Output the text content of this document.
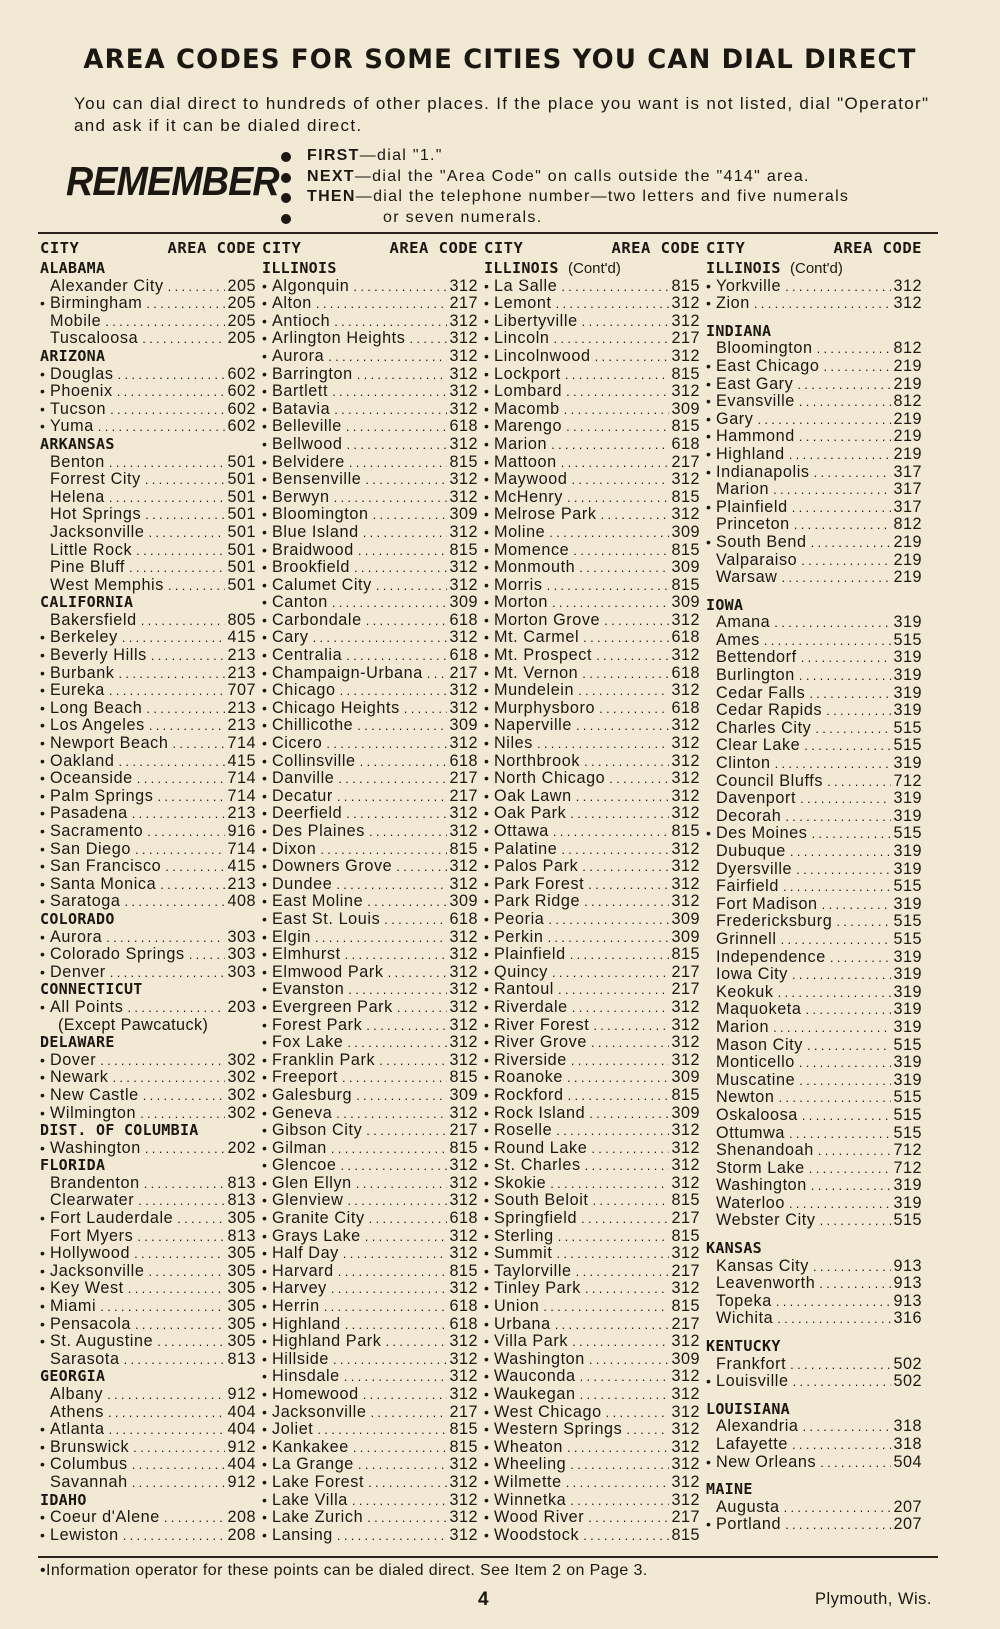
AREA CODES FOR SOME CITIES YOU CAN DIAL DIRECT

You can dial direct to hundreds of other places. If the place you want is not listed, dial "Operator" and ask if it can be dialed direct.

REMEMBER
FIRST—dial "1."
NEXT—dial the "Area Code" on calls outside the "414" area.
THEN—dial the telephone number—two letters and five numerals
or seven numerals.
CITY	AREA CODE
ALABAMA
Alexander City .....	205
• Birmingham .....	205
Mobile .....	205
Tuscaloosa .....	205
ARIZONA
• Douglas .....	602
• Phoenix .....	602
• Tucson .....	602
• Yuma .....	602
ARKANSAS
Benton .....	501
Forrest City .....	501
Helena .....	501
Hot Springs .....	501
Jacksonville .....	501
Little Rock .....	501
Pine Bluff .....	501
West Memphis .....	501
CALIFORNIA
Bakersfield .....	805
• Berkeley .....	415
• Beverly Hills .....	213
• Burbank .....	213
• Eureka .....	707
• Long Beach .....	213
• Los Angeles .....	213
• Newport Beach .....	714
• Oakland .....	415
• Oceanside .....	714
• Palm Springs .....	714
• Pasadena .....	213
• Sacramento .....	916
• San Diego .....	714
• San Francisco .....	415
• Santa Monica .....	213
• Saratoga .....	408
COLORADO
• Aurora .....	303
• Colorado Springs .....	303
• Denver .....	303
CONNECTICUT
• All Points .....	203
(Except Pawcatuck)
DELAWARE
• Dover .....	302
• Newark .....	302
• New Castle .....	302
• Wilmington .....	302
DIST. OF COLUMBIA
• Washington .....	202
FLORIDA
Brandenton .....	813
Clearwater .....	813
• Fort Lauderdale .....	305
Fort Myers .....	813
• Hollywood .....	305
• Jacksonville .....	305
• Key West .....	305
• Miami .....	305
• Pensacola .....	305
• St. Augustine .....	305
Sarasota .....	813
GEORGIA
Albany .....	912
Athens .....	404
• Atlanta .....	404
• Brunswick .....	912
• Columbus .....	404
Savannah .....	912
IDAHO
• Coeur d'Alene .....	208
• Lewiston .....	208
CITY	AREA CODE
ILLINOIS
• Algonquin .....	312
• Alton .....	217
• Antioch .....	312
• Arlington Heights .....	312
• Aurora .....	312
• Barrington .....	312
• Bartlett .....	312
• Batavia .....	312
• Belleville .....	618
• Bellwood .....	312
• Belvidere .....	815
• Bensenville .....	312
• Berwyn .....	312
• Bloomington .....	309
• Blue Island .....	312
• Braidwood .....	815
• Brookfield .....	312
• Calumet City .....	312
• Canton .....	309
• Carbondale .....	618
• Cary .....	312
• Centralia .....	618
• Champaign-Urbana ..... 217
• Chicago .....	312
• Chicago Heights .....	312
• Chillicothe .....	309
• Cicero .....	312
• Collinsville .....	618
• Danville .....	217
• Decatur .....	217
• Deerfield .....	312
• Des Plaines .....	312
• Dixon .....	815
• Downers Grove .....	312
• Dundee .....	312
• East Moline .....	309
• East St. Louis .....	618
• Elgin .....	312
• Elmhurst .....	312
• Elmwood Park .....	312
• Evanston .....	312
• Evergreen Park .....	312
• Forest Park .....	312
• Fox Lake .....	312
• Franklin Park .....	312
• Freeport .....	815
• Galesburg .....	309
• Geneva .....	312
• Gibson City .....	217
• Gilman .....	815
• Glencoe .....	312
• Glen Ellyn .....	312
• Glenview .....	312
• Granite City .....	618
• Grays Lake .....	312
• Half Day .....	312
• Harvard .....	815
• Harvey .....	312
• Herrin .....	618
• Highland .....	618
• Highland Park .....	312
• Hillside .....	312
• Hinsdale .....	312
• Homewood .....	312
• Jacksonville .....	217
• Joliet .....	815
• Kankakee .....	815
• La Grange .....	312
• Lake Forest .....	312
• Lake Villa .....	312
• Lake Zurich .....	312
• Lansing .....	312
CITY	AREA CODE
ILLINOIS (Cont'd)
• La Salle .....	815
• Lemont .....	312
• Libertyville .....	312
• Lincoln .....	217
• Lincolnwood .....	312
• Lockport .....	815
• Lombard .....	312
• Macomb .....	309
• Marengo .....	815
• Marion .....	618
• Mattoon .....	217
• Maywood .....	312
• McHenry .....	815
• Melrose Park .....	312
• Moline .....	309
• Momence .....	815
• Monmouth .....	309
• Morris .....	815
• Morton .....	309
• Morton Grove .....	312
• Mt. Carmel .....	618
• Mt. Prospect .....	312
• Mt. Vernon .....	618
• Mundelein .....	312
• Murphysboro .....	618
• Naperville .....	312
• Niles .....	312
• Northbrook .....	312
• North Chicago .....	312
• Oak Lawn .....	312
• Oak Park .....	312
• Ottawa .....	815
• Palatine .....	312
• Palos Park .....	312
• Park Forest .....	312
• Park Ridge .....	312
• Peoria .....	309
• Perkin .....	309
• Plainfield .....	815
• Quincy .....	217
• Rantoul .....	217
• Riverdale .....	312
• River Forest .....	312
• River Grove .....	312
• Riverside .....	312
• Roanoke .....	309
• Rockford .....	815
• Rock Island .....	309
• Roselle .....	312
• Round Lake .....	312
• St. Charles .....	312
• Skokie .....	312
• South Beloit .....	815
• Springfield .....	217
• Sterling .....	815
• Summit .....	312
• Taylorville .....	217
• Tinley Park .....	312
• Union .....	815
• Urbana .....	217
• Villa Park .....	312
• Washington .....	309
• Wauconda .....	312
• Waukegan .....	312
• West Chicago .....	312
• Western Springs .....	312
• Wheaton .....	312
• Wheeling .....	312
• Wilmette .....	312
• Winnetka .....	312
• Wood River .....	217
• Woodstock .....	815
CITY	AREA CODE
ILLINOIS (Cont'd)
• Yorkville .....	312
• Zion .....	312
INDIANA
Bloomington .....	812
• East Chicago .....	219
• East Gary .....	219
• Evansville .....	812
• Gary .....	219
• Hammond .....	219
• Highland .....	219
• Indianapolis .....	317
Marion .....	317
• Plainfield .....	317
Princeton .....	812
• South Bend .....	219
Valparaiso .....	219
Warsaw .....	219
IOWA
Amana .....	319
Ames .....	515
Bettendorf .....	319
Burlington .....	319
Cedar Falls .....	319
Cedar Rapids .....	319
Charles City .....	515
Clear Lake .....	515
Clinton .....	319
Council Bluffs .....	712
Davenport .....	319
Decorah .....	319
• Des Moines .....	515
Dubuque .....	319
Dyersville .....	319
Fairfield .....	515
Fort Madison .....	319
Fredericksburg .....	515
Grinnell .....	515
Independence .....	319
Iowa City .....	319
Keokuk .....	319
Maquoketa .....	319
Marion .....	319
Mason City .....	515
Monticello .....	319
Muscatine .....	319
Newton .....	515
Oskaloosa .....	515
Ottumwa .....	515
Shenandoah .....	712
Storm Lake .....	712
Washington .....	319
Waterloo .....	319
Webster City .....	515
KANSAS
Kansas City .....	913
Leavenworth .....	913
Topeka .....	913
Wichita .....	316
KENTUCKY
Frankfort .....	502
• Louisville .....	502
LOUISIANA
Alexandria .....	318
Lafayette .....	318
• New Orleans .....	504
MAINE
Augusta .....	207
• Portland .....	207
•Information operator for these points can be dialed direct. See Item 2 on Page 3.
4	Plymouth, Wis.
